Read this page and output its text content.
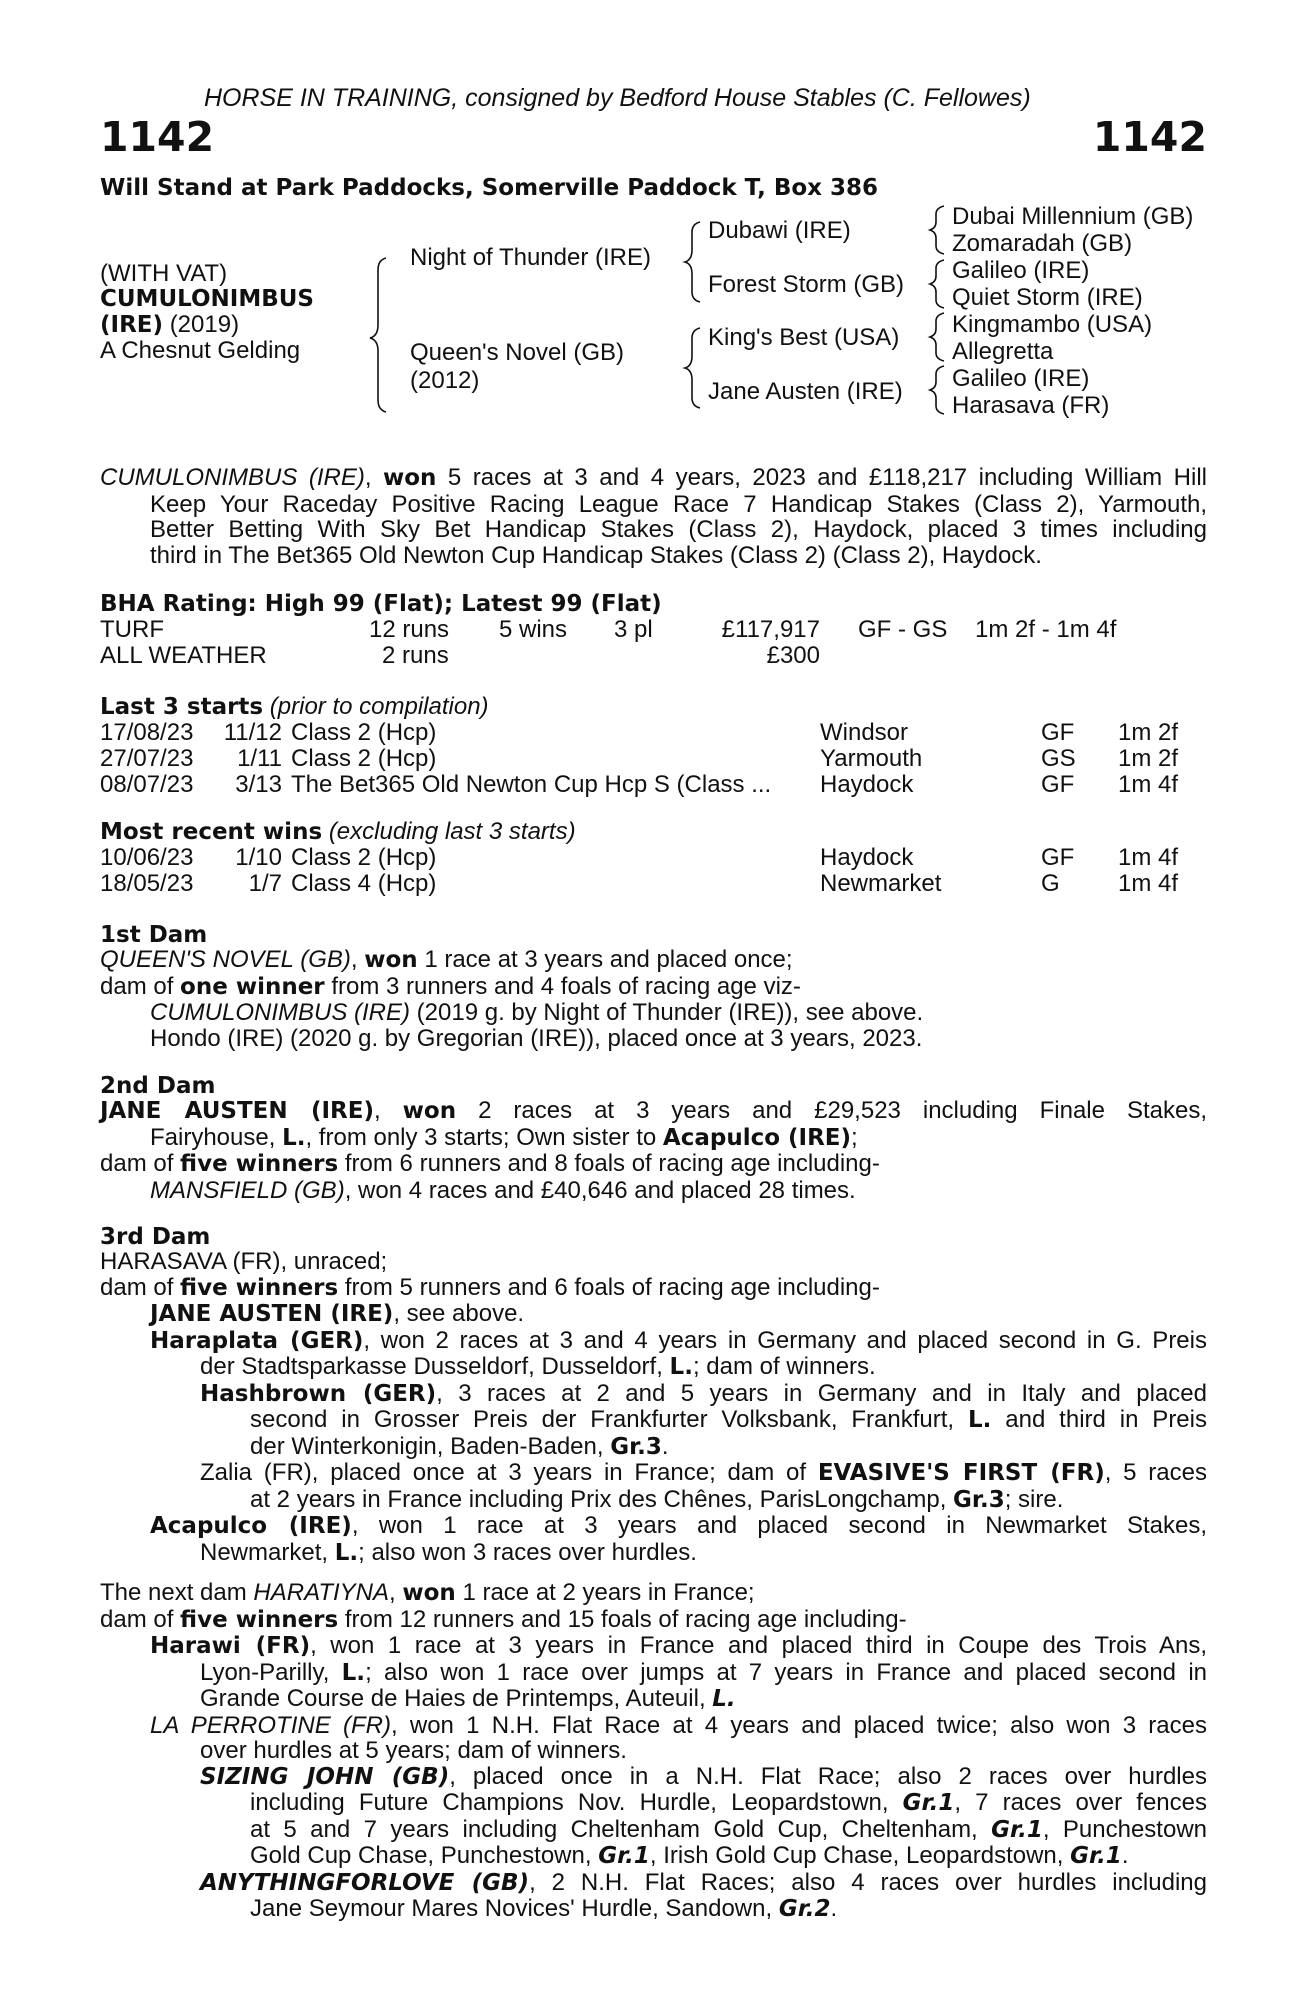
HORSE IN TRAINING, consigned by Bedford House Stables (C. Fellowes)
1142	1142
Will Stand at Park Paddocks, Somerville Paddock T, Box 386
(WITH VAT)
CUMULONIMBUS
(IRE) (2019)
A Chesnut Gelding
Night of Thunder (IRE)
Queen's Novel (GB)
(2012)
Dubawi (IRE)
Forest Storm (GB)
King's Best (USA)
Jane Austen (IRE)
Dubai Millennium (GB)
Zomaradah (GB)
Galileo (IRE)
Quiet Storm (IRE)
Kingmambo (USA)
Allegretta
Galileo (IRE)
Harasava (FR)
CUMULONIMBUS (IRE), won 5 races at 3 and 4 years, 2023 and £118,217 including William Hill
Keep Your Raceday Positive Racing League Race 7 Handicap Stakes (Class 2), Yarmouth,
Better Betting With Sky Bet Handicap Stakes (Class 2), Haydock, placed 3 times including
third in The Bet365 Old Newton Cup Handicap Stakes (Class 2) (Class 2), Haydock.
BHA Rating: High 99 (Flat); Latest 99 (Flat)
TURF	12 runs 5 wins 3 pl	£117,917 GF - GS 1m 2f - 1m 4f
ALL WEATHER	2 runs	£300
Last 3 starts (prior to compilation)
17/08/23 11/12 Class 2 (Hcp)	Windsor	GF 1m 2f
27/07/23 1/11 Class 2 (Hcp)	Yarmouth	GS 1m 2f
08/07/23 3/13 The Bet365 Old Newton Cup Hcp S (Class ... Haydock	GF 1m 4f
Most recent wins (excluding last 3 starts)
10/06/23 1/10 Class 2 (Hcp)	Haydock	GF 1m 4f
18/05/23 1/7 Class 4 (Hcp)	Newmarket	G 1m 4f
1st Dam
QUEEN'S NOVEL (GB), won 1 race at 3 years and placed once;
dam of one winner from 3 runners and 4 foals of racing age viz-
CUMULONIMBUS (IRE) (2019 g. by Night of Thunder (IRE)), see above.
Hondo (IRE) (2020 g. by Gregorian (IRE)), placed once at 3 years, 2023.
2nd Dam
JANE AUSTEN (IRE), won 2 races at 3 years and £29,523 including Finale Stakes,
Fairyhouse, L., from only 3 starts; Own sister to Acapulco (IRE);
dam of five winners from 6 runners and 8 foals of racing age including-
MANSFIELD (GB), won 4 races and £40,646 and placed 28 times.
3rd Dam
HARASAVA (FR), unraced;
dam of five winners from 5 runners and 6 foals of racing age including-
JANE AUSTEN (IRE), see above.
Haraplata (GER), won 2 races at 3 and 4 years in Germany and placed second in G. Preis
der Stadtsparkasse Dusseldorf, Dusseldorf, L.; dam of winners.
Hashbrown (GER), 3 races at 2 and 5 years in Germany and in Italy and placed
second in Grosser Preis der Frankfurter Volksbank, Frankfurt, L. and third in Preis
der Winterkonigin, Baden-Baden, Gr.3.
Zalia (FR), placed once at 3 years in France; dam of EVASIVE'S FIRST (FR), 5 races
at 2 years in France including Prix des Chênes, ParisLongchamp, Gr.3; sire.
Acapulco (IRE), won 1 race at 3 years and placed second in Newmarket Stakes,
Newmarket, L.; also won 3 races over hurdles.
The next dam HARATIYNA, won 1 race at 2 years in France;
dam of five winners from 12 runners and 15 foals of racing age including-
Harawi (FR), won 1 race at 3 years in France and placed third in Coupe des Trois Ans,
Lyon-Parilly, L.; also won 1 race over jumps at 7 years in France and placed second in
Grande Course de Haies de Printemps, Auteuil, L.
LA PERROTINE (FR), won 1 N.H. Flat Race at 4 years and placed twice; also won 3 races
over hurdles at 5 years; dam of winners.
SIZING JOHN (GB), placed once in a N.H. Flat Race; also 2 races over hurdles
including Future Champions Nov. Hurdle, Leopardstown, Gr.1, 7 races over fences
at 5 and 7 years including Cheltenham Gold Cup, Cheltenham, Gr.1, Punchestown
Gold Cup Chase, Punchestown, Gr.1, Irish Gold Cup Chase, Leopardstown, Gr.1.
ANYTHINGFORLOVE (GB), 2 N.H. Flat Races; also 4 races over hurdles including
Jane Seymour Mares Novices' Hurdle, Sandown, Gr.2.
